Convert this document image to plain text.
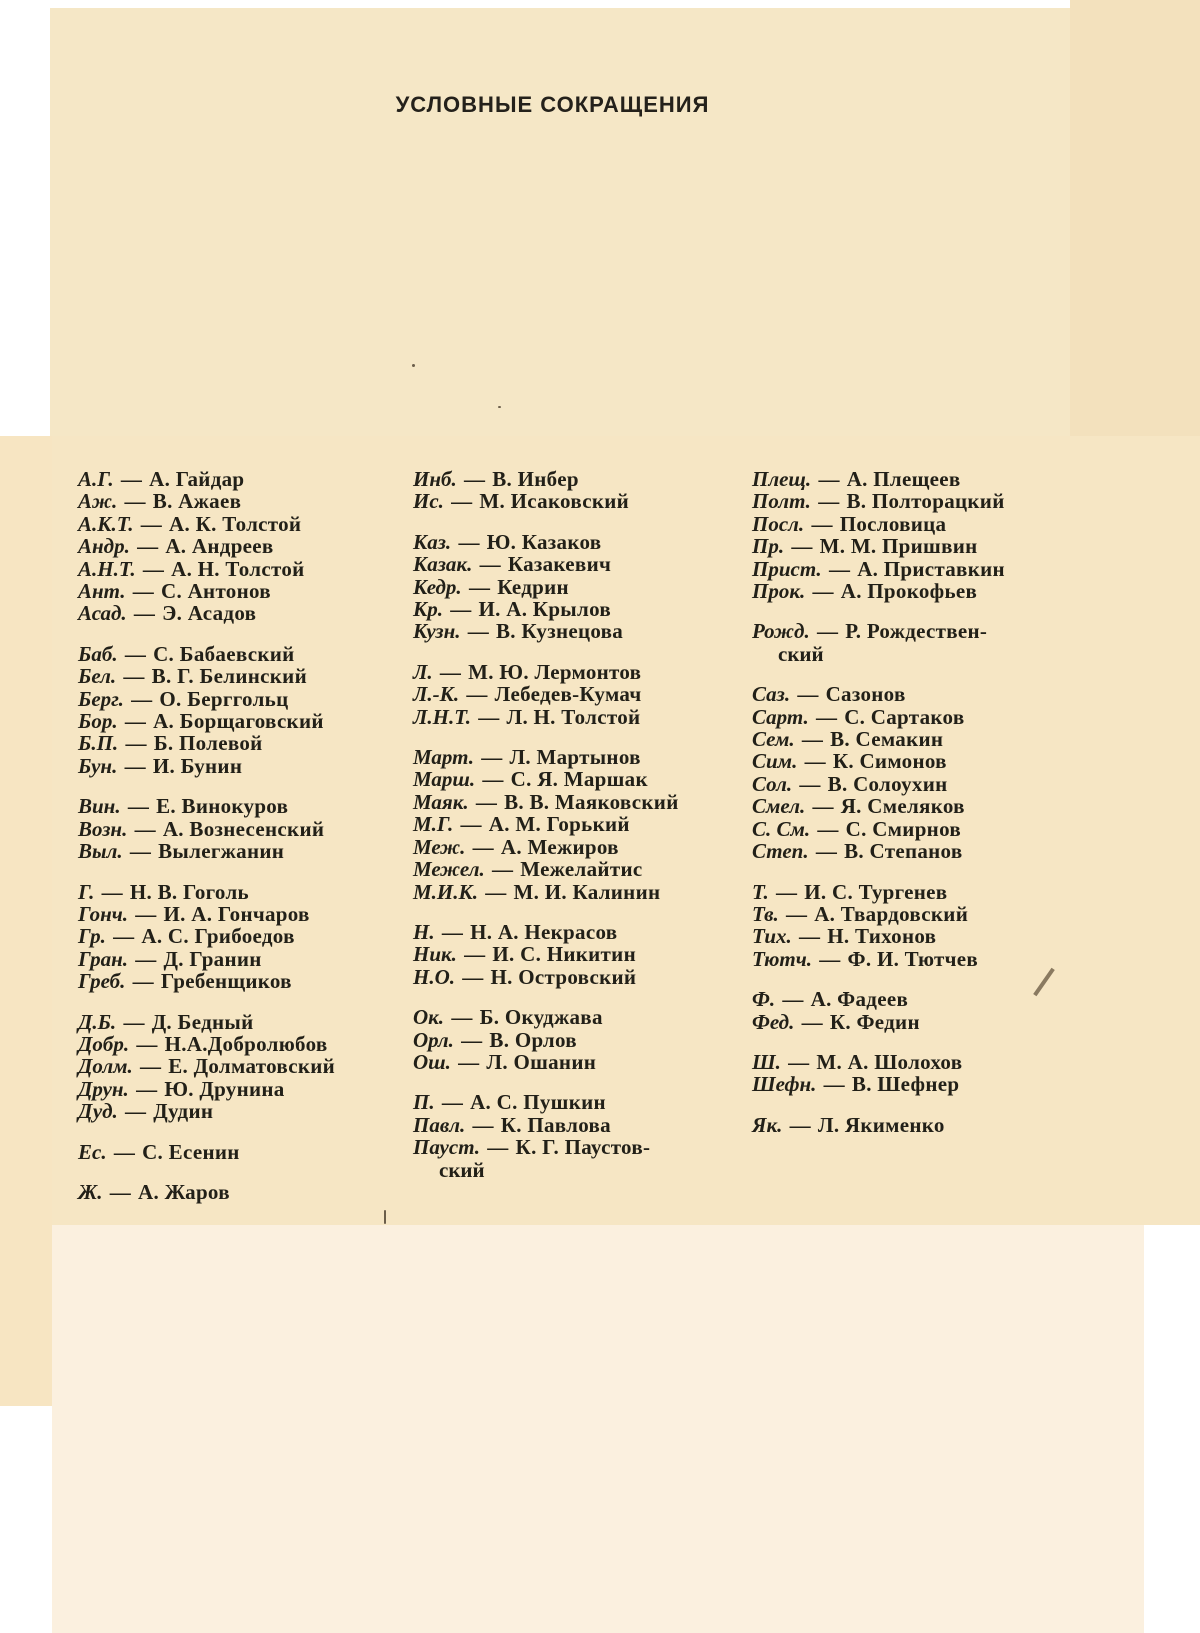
УСЛОВНЫЕ СОКРАЩЕНИЯ
А.Г. — А. Гайдар
Аж. — В. Ажаев
А.К.Т. — А. К. Толстой
Андр. — А. Андреев
А.Н.Т. — А. Н. Толстой
Ант. — С. Антонов
Асад. — Э. Асадов
Баб. — С. Бабаевский
Бел. — В. Г. Белинский
Берг. — О. Берггольц
Бор. — А. Борщаговский
Б.П. — Б. Полевой
Бун. — И. Бунин
Вин. — Е. Винокуров
Возн. — А. Вознесенский
Выл. — Вылегжанин
Г. — Н. В. Гоголь
Гонч. — И. А. Гончаров
Гр. — А. С. Грибоедов
Гран. — Д. Гранин
Греб. — Гребенщиков
Д.Б. — Д. Бедный
Добр. — Н.А.Добролюбов
Долм. — Е. Долматовский
Друн. — Ю. Друнина
Дуд. — Дудин
Ес. — С. Есенин
Ж. — А. Жаров
Инб. — В. Инбер
Ис. — М. Исаковский
Каз. — Ю. Казаков
Казак. — Казакевич
Кедр. — Кедрин
Кр. — И. А. Крылов
Кузн. — В. Кузнецова
Л. — М. Ю. Лермонтов
Л.-К. — Лебедев-Кумач
Л.Н.Т. — Л. Н. Толстой
Март. — Л. Мартынов
Марш. — С. Я. Маршак
Маяк. — В. В. Маяковский
М.Г. — А. М. Горький
Меж. — А. Межиров
Межел. — Межелайтис
М.И.К. — М. И. Калинин
Н. — Н. А. Некрасов
Ник. — И. С. Никитин
Н.О. — Н. Островский
Ок. — Б. Окуджава
Орл. — В. Орлов
Ош. — Л. Ошанин
П. — А. С. Пушкин
Павл. — К. Павлова
Пауст. — К. Г. Паустов-
ский
Плещ. — А. Плещеев
Полт. — В. Полторацкий
Посл. — Пословица
Пр. — М. М. Пришвин
Прист. — А. Приставкин
Прок. — А. Прокофьев
Рожд. — Р. Рождествен-
ский
Саз. — Сазонов
Сарт. — С. Сартаков
Сем. — В. Семакин
Сим. — К. Симонов
Сол. — В. Солоухин
Смел. — Я. Смеляков
С. См. — С. Смирнов
Степ. — В. Степанов
Т. — И. С. Тургенев
Тв. — А. Твардовский
Тих. — Н. Тихонов
Тютч. — Ф. И. Тютчев
Ф. — А. Фадеев
Фед. — К. Федин
Ш. — М. А. Шолохов
Шефн. — В. Шефнер
Як. — Л. Якименко
